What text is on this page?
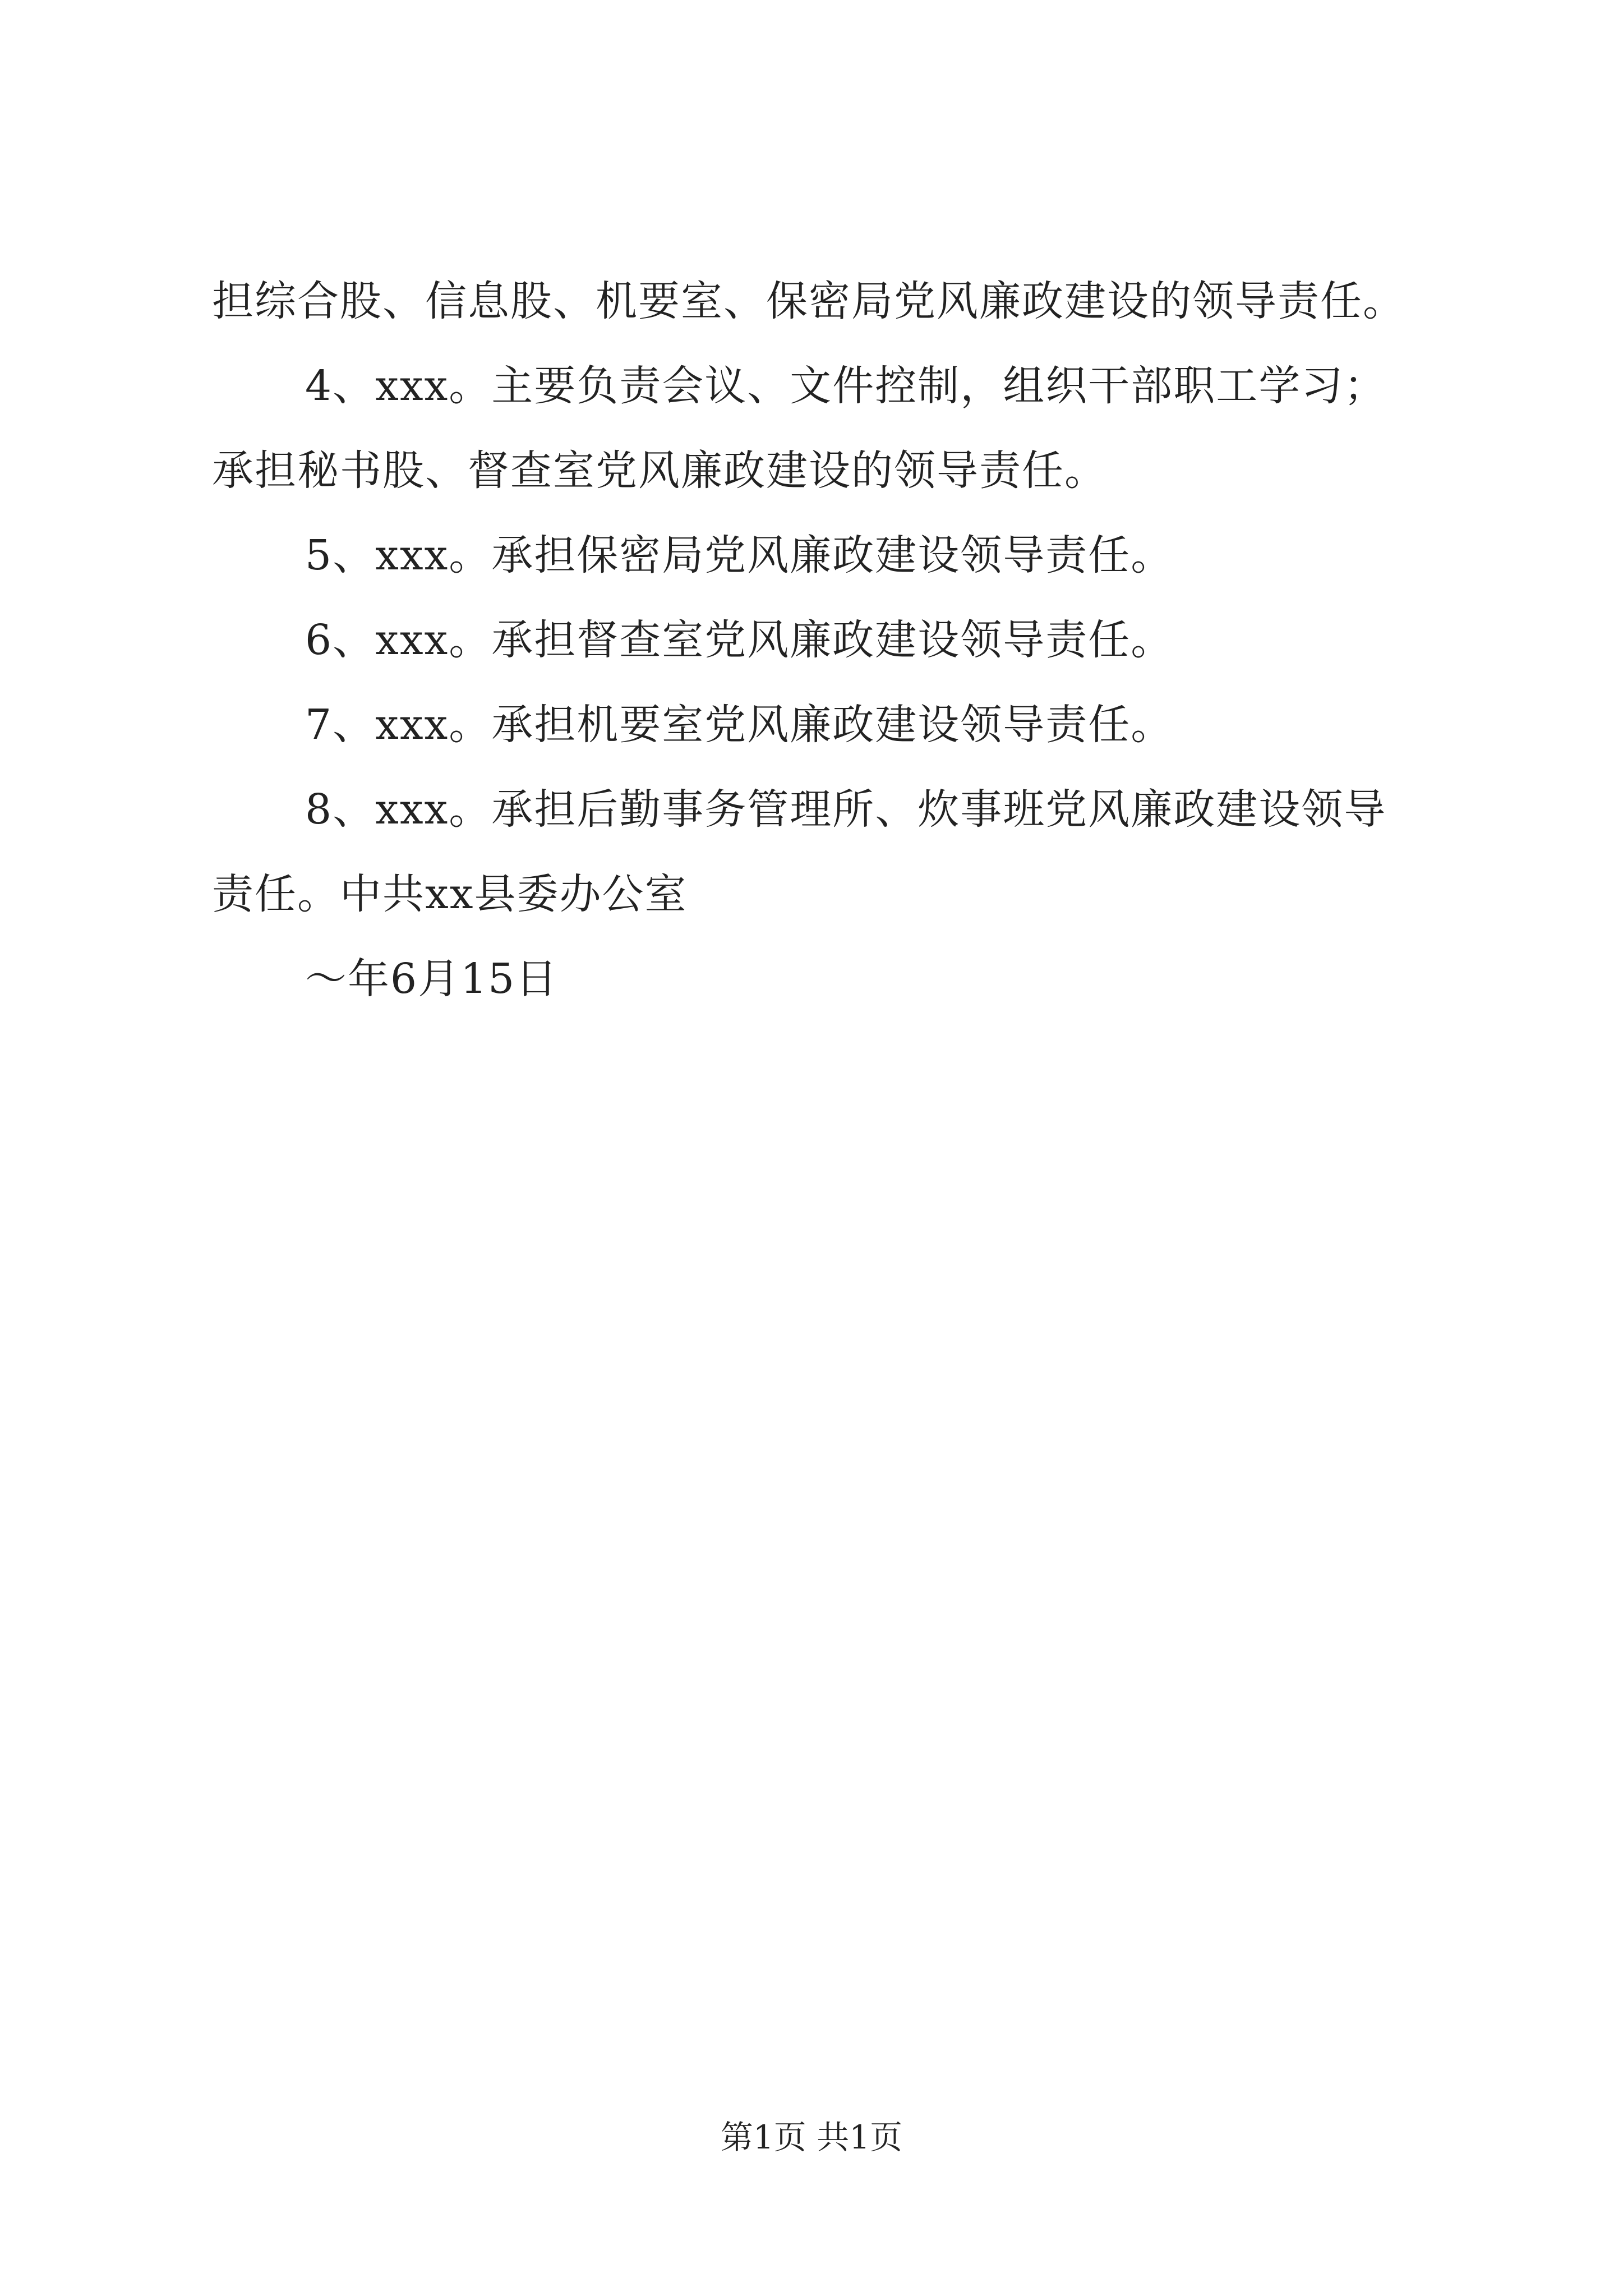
担综合股、信息股、机要室、保密局党风廉政建设的领导责任。

4、xxx。主要负责会议、文件控制，组织干部职工学习；承担秘书股、督查室党风廉政建设的领导责任。

5、xxx。承担保密局党风廉政建设领导责任。

6、xxx。承担督查室党风廉政建设领导责任。

7、xxx。承担机要室党风廉政建设领导责任。

8、xxx。承担后勤事务管理所、炊事班党风廉政建设领导责任。中共xx县委办公室

～年6月15日

第1页 共1页
